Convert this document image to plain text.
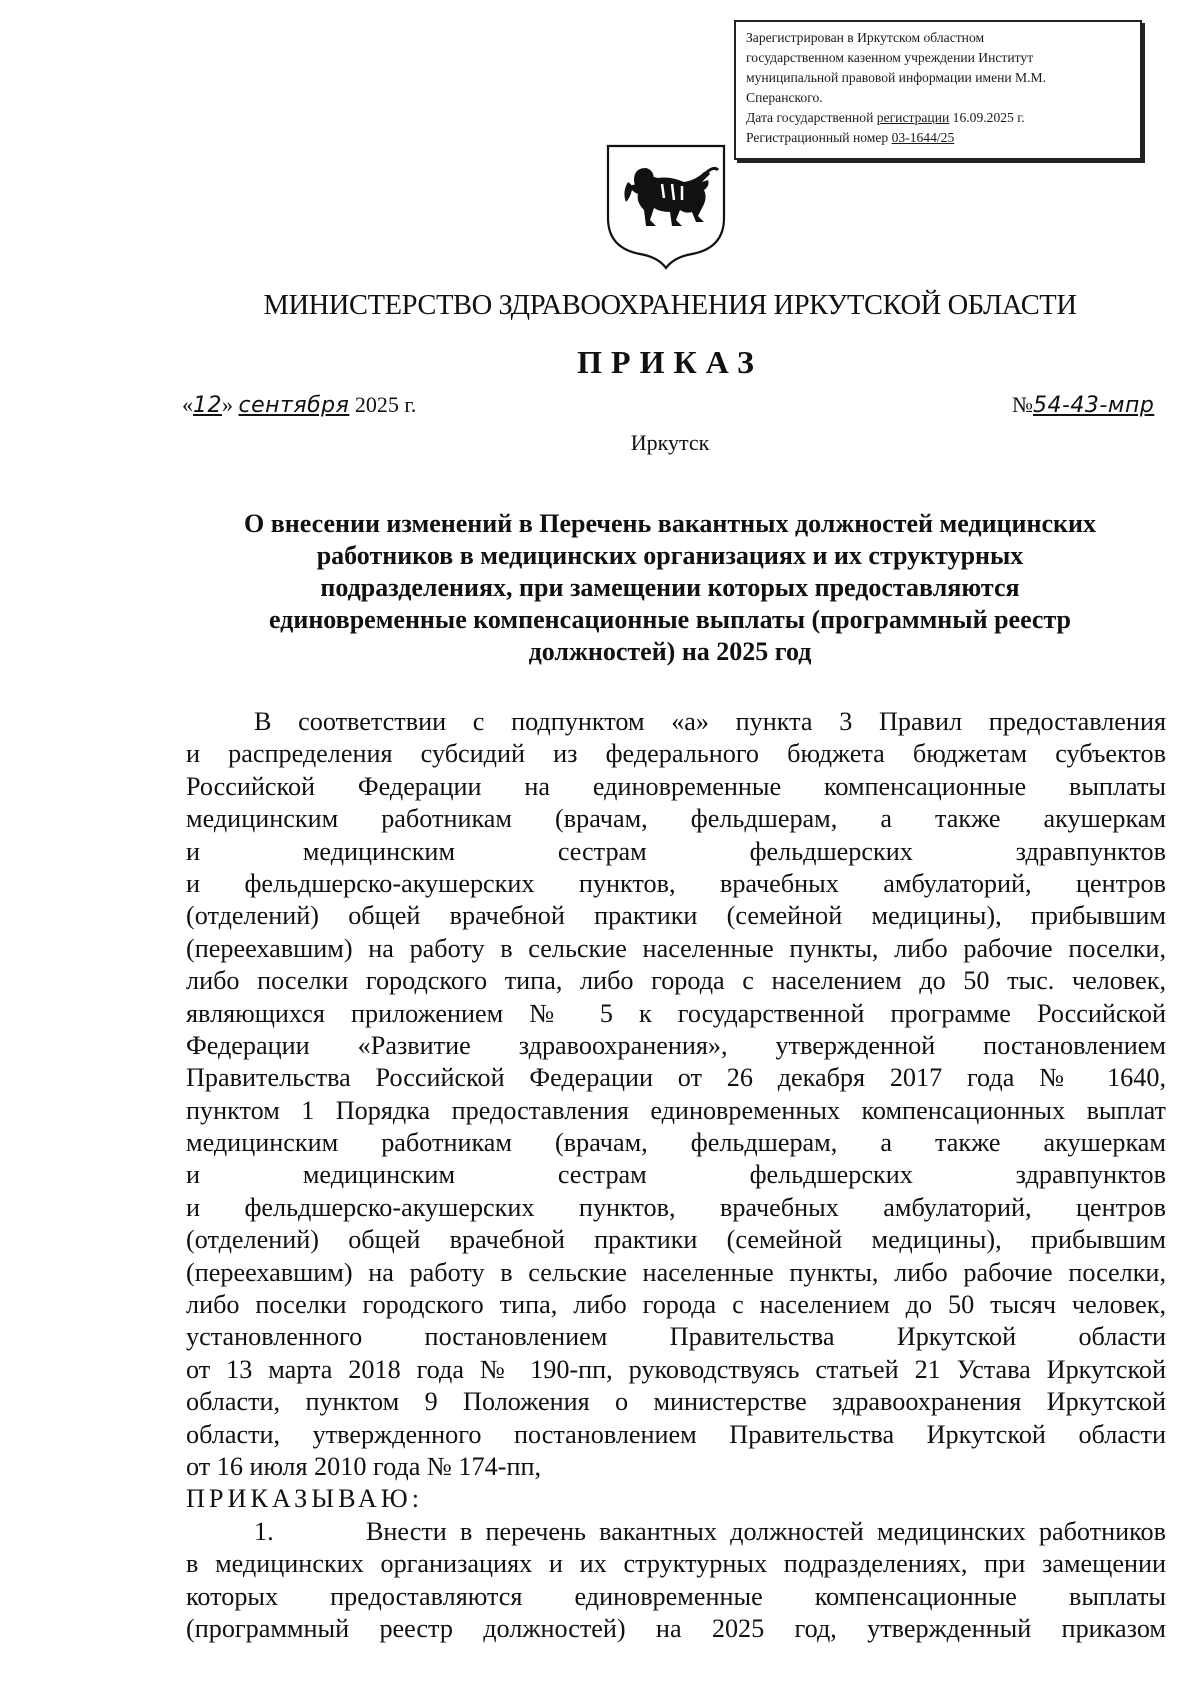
Зарегистрирован в Иркутском областном
государственном казенном учреждении Институт
муниципальной правовой информации имени М.М.
Сперанского.
Дата государственной регистрации 16.09.2025 г.
Регистрационный номер 03-1644/25
МИНИСТЕРСТВО ЗДРАВООХРАНЕНИЯ ИРКУТСКОЙ ОБЛАСТИ
ПРИКАЗ
«12» сентября 2025 г.	№54-43-мпр
Иркутск
О внесении изменений в Перечень вакантных должностей медицинских
работников в медицинских организациях и их структурных
подразделениях, при замещении которых предоставляются
единовременные компенсационные выплаты (программный реестр
должностей) на 2025 год
В соответствии с подпунктом «а» пункта 3 Правил предоставления
и распределения субсидий из федерального бюджета бюджетам субъектов
Российской Федерации на единовременные компенсационные выплаты
медицинским работникам (врачам, фельдшерам, а также акушеркам
и медицинским сестрам фельдшерских здравпунктов
и фельдшерско-акушерских пунктов, врачебных амбулаторий, центров
(отделений) общей врачебной практики (семейной медицины), прибывшим
(переехавшим) на работу в сельские населенные пункты, либо рабочие поселки,
либо поселки городского типа, либо города с населением до 50 тыс. человек,
являющихся приложением № 5 к государственной программе Российской
Федерации «Развитие здравоохранения», утвержденной постановлением
Правительства Российской Федерации от 26 декабря 2017 года № 1640,
пунктом 1 Порядка предоставления единовременных компенсационных выплат
медицинским работникам (врачам, фельдшерам, а также акушеркам
и медицинским сестрам фельдшерских здравпунктов
и фельдшерско-акушерских пунктов, врачебных амбулаторий, центров
(отделений) общей врачебной практики (семейной медицины), прибывшим
(переехавшим) на работу в сельские населенные пункты, либо рабочие поселки,
либо поселки городского типа, либо города с населением до 50 тысяч человек,
установленного постановлением Правительства Иркутской области
от 13 марта 2018 года № 190-пп, руководствуясь статьей 21 Устава Иркутской
области, пунктом 9 Положения о министерстве здравоохранения Иркутской
области, утвержденного постановлением Правительства Иркутской области
от 16 июля 2010 года № 174-пп,
ПРИКАЗЫВАЮ:
1.	Внести в перечень вакантных должностей медицинских работников
в медицинских организациях и их структурных подразделениях, при замещении
которых предоставляются единовременные компенсационные выплаты
(программный реестр должностей) на 2025 год, утвержденный приказом
